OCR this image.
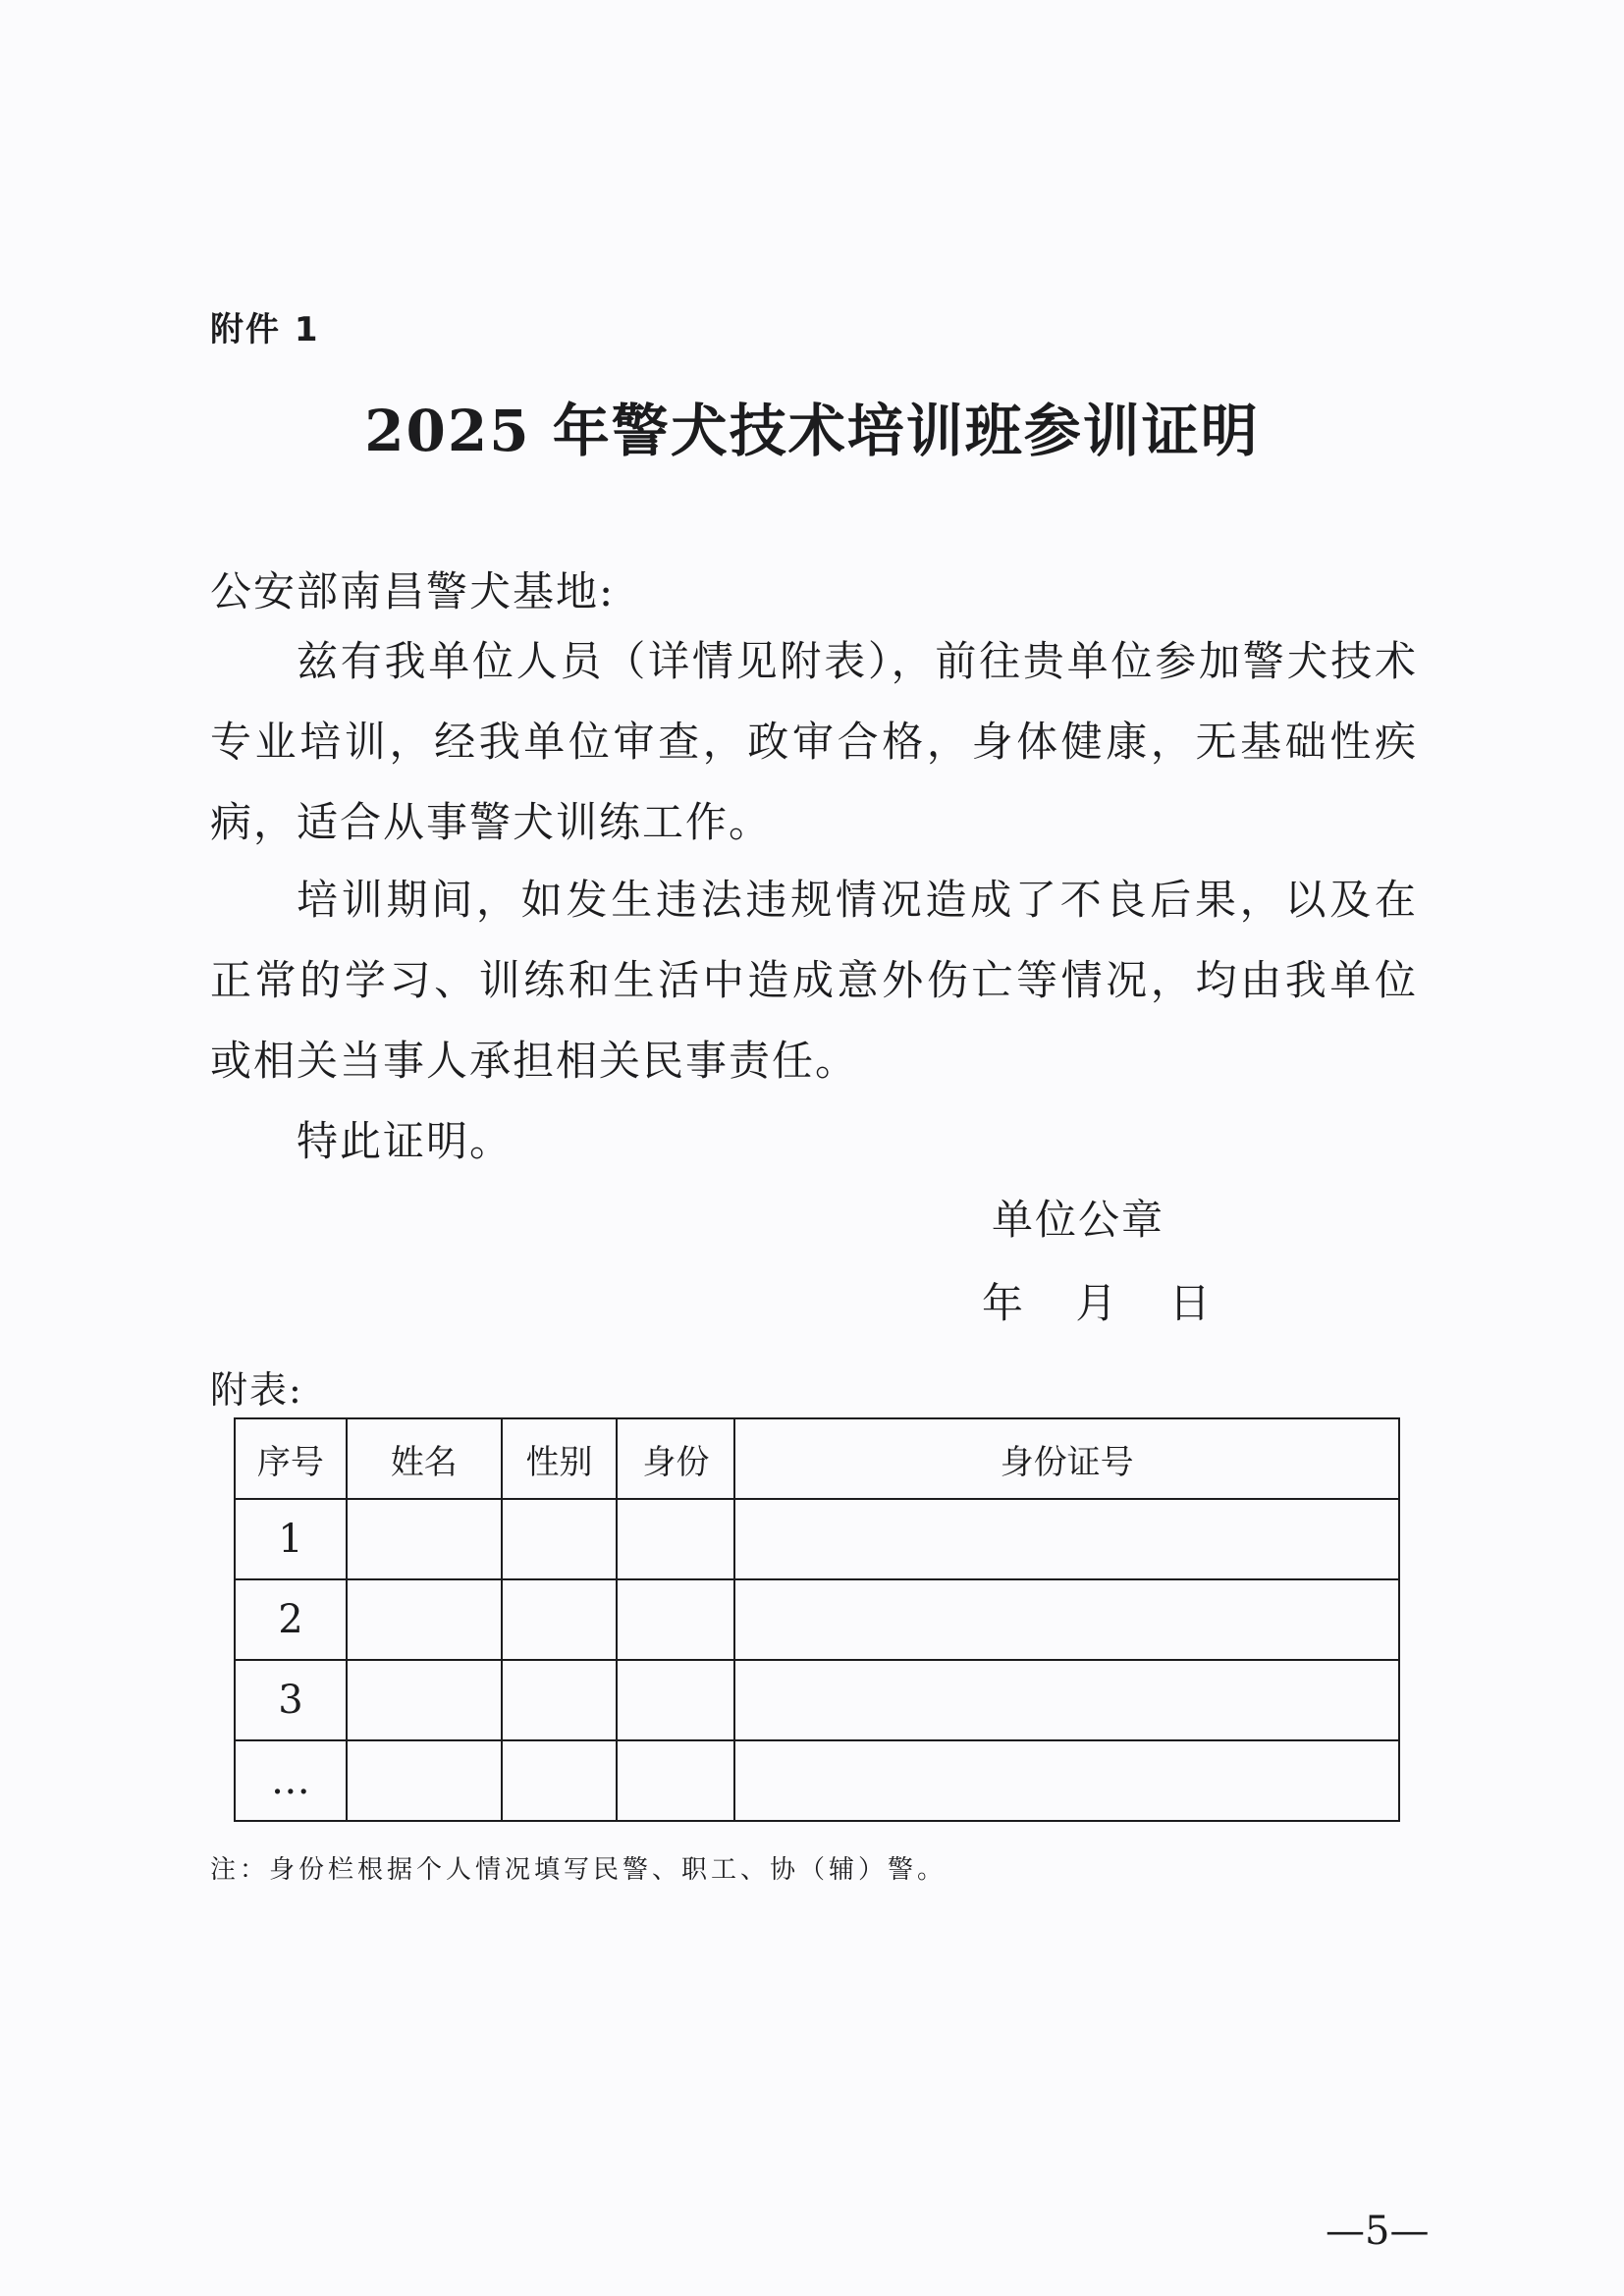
附件 1
2025 年警犬技术培训班参训证明
公安部南昌警犬基地:
兹有我单位人员（详情见附表），前往贵单位参加警犬技术专业培训，经我单位审查，政审合格，身体健康，无基础性疾病，适合从事警犬训练工作。
培训期间，如发生违法违规情况造成了不良后果，以及在正常的学习、训练和生活中造成意外伤亡等情况，均由我单位或相关当事人承担相关民事责任。
特此证明。
单位公章
年 月 日
附表:
序号	姓名	性别	身份	身份证号
1				
2				
3				
…				
注：身份栏根据个人情况填写民警、职工、协（辅）警。
—5—
